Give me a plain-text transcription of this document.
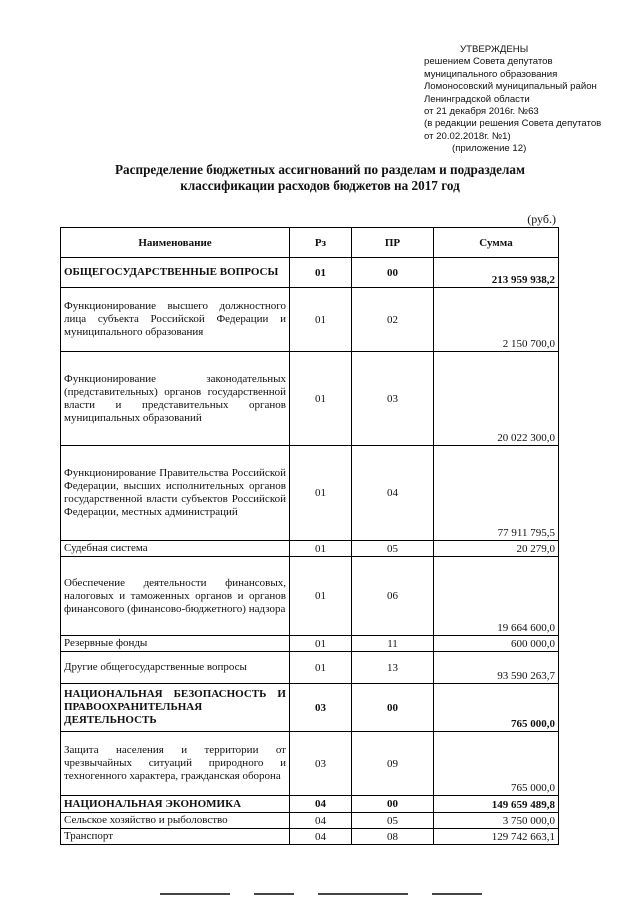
УТВЕРЖДЕНЫ
решением Совета депутатов
муниципального образования
Ломоносовский муниципальный район
Ленинградской области
от 21 декабря 2016г. №63
(в редакции решения Совета депутатов
от 20.02.2018г. №1)
(приложение 12)
Распределение бюджетных ассигнований по разделам и подразделам
классификации расходов бюджетов на 2017 год
(руб.)
Наименование	Рз	ПР	Сумма
ОБЩЕГОСУДАРСТВЕННЫЕ ВОПРОСЫ	01	00	213 959 938,2
Функционирование высшего должностного лица субъекта Российской Федерации и муниципального образования	01	02	2 150 700,0
Функционирование законодательных (представительных) органов государственной власти и представительных органов муниципальных образований	01	03	20 022 300,0
Функционирование Правительства Российской Федерации, высших исполнительных органов государственной власти субъектов Российской Федерации, местных администраций	01	04	77 911 795,5
Судебная система	01	05	20 279,0
Обеспечение деятельности финансовых, налоговых и таможенных органов и органов финансового (финансово-бюджетного) надзора	01	06	19 664 600,0
Резервные фонды	01	11	600 000,0
Другие общегосударственные вопросы	01	13	93 590 263,7
НАЦИОНАЛЬНАЯ БЕЗОПАСНОСТЬ И ПРАВООХРАНИТЕЛЬНАЯ ДЕЯТЕЛЬНОСТЬ	03	00	765 000,0
Защита населения и территории от чрезвычайных ситуаций природного и техногенного характера, гражданская оборона	03	09	765 000,0
НАЦИОНАЛЬНАЯ ЭКОНОМИКА	04	00	149 659 489,8
Сельское хозяйство и рыболовство	04	05	3 750 000,0
Транспорт	04	08	129 742 663,1
